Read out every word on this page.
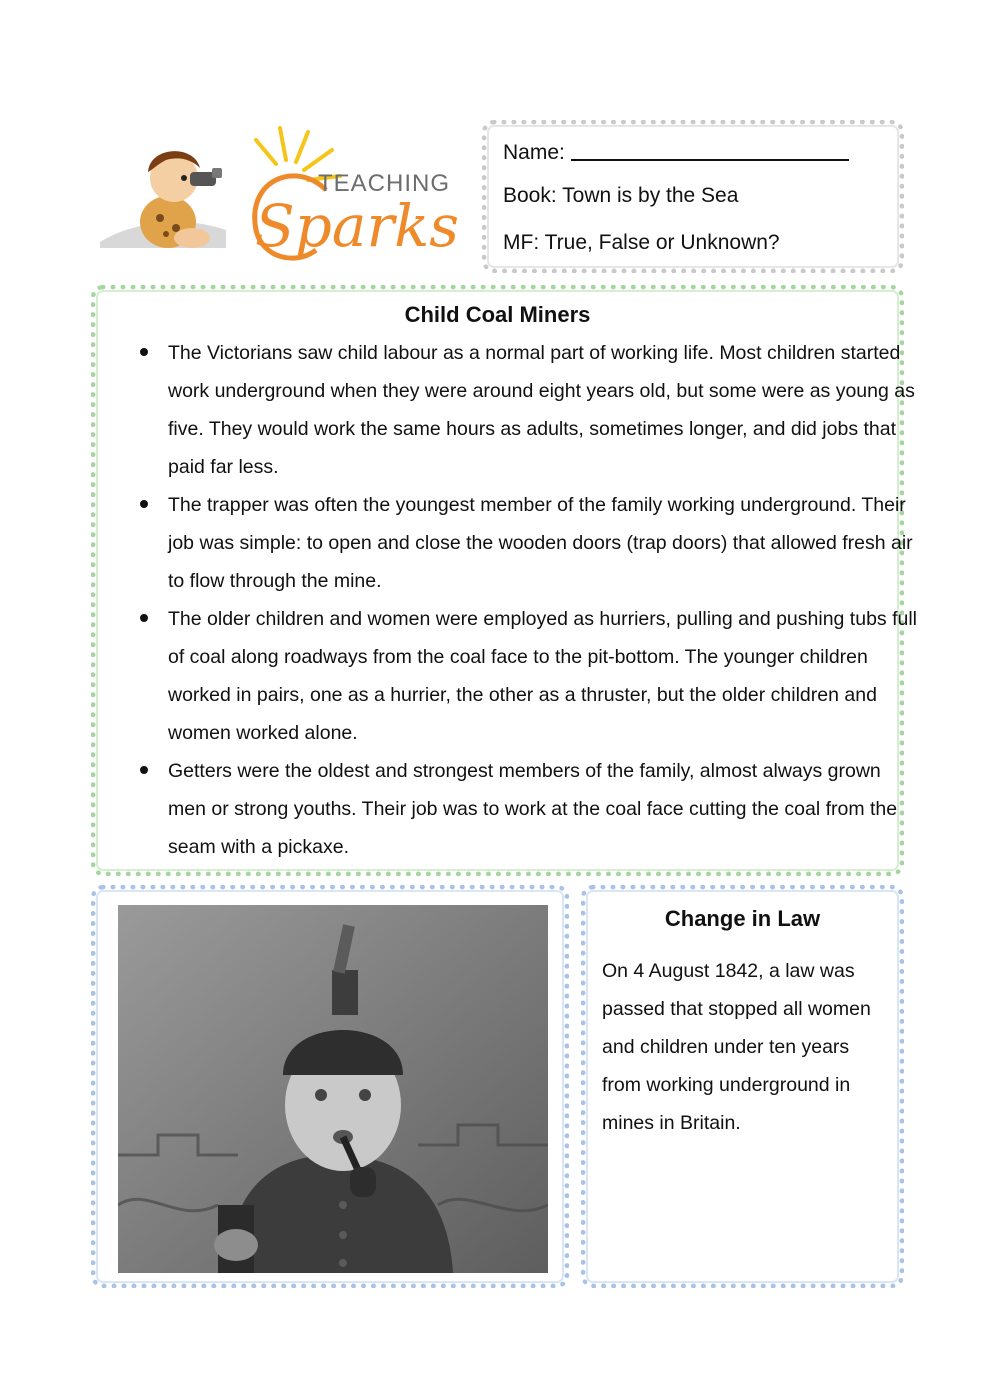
TEACHING
Sparks
Name:
Book: Town is by the Sea
MF: True, False or Unknown?
Child Coal Miners
The Victorians saw child labour as a normal part of working life. Most children started work underground when they were around eight years old, but some were as young as five. They would work the same hours as adults, sometimes longer, and did jobs that paid far less.
The trapper was often the youngest member of the family working underground. Their job was simple: to open and close the wooden doors (trap doors) that allowed fresh air to flow through the mine.
The older children and women were employed as hurriers, pulling and pushing tubs full of coal along roadways from the coal face to the pit-bottom. The younger children worked in pairs, one as a hurrier, the other as a thruster, but the older children and women worked alone.
Getters were the oldest and strongest members of the family, almost always grown men or strong youths. Their job was to work at the coal face cutting the coal from the seam with a pickaxe.
Change in Law
On 4 August 1842, a law was passed that stopped all women and children under ten years from working underground in mines in Britain.
